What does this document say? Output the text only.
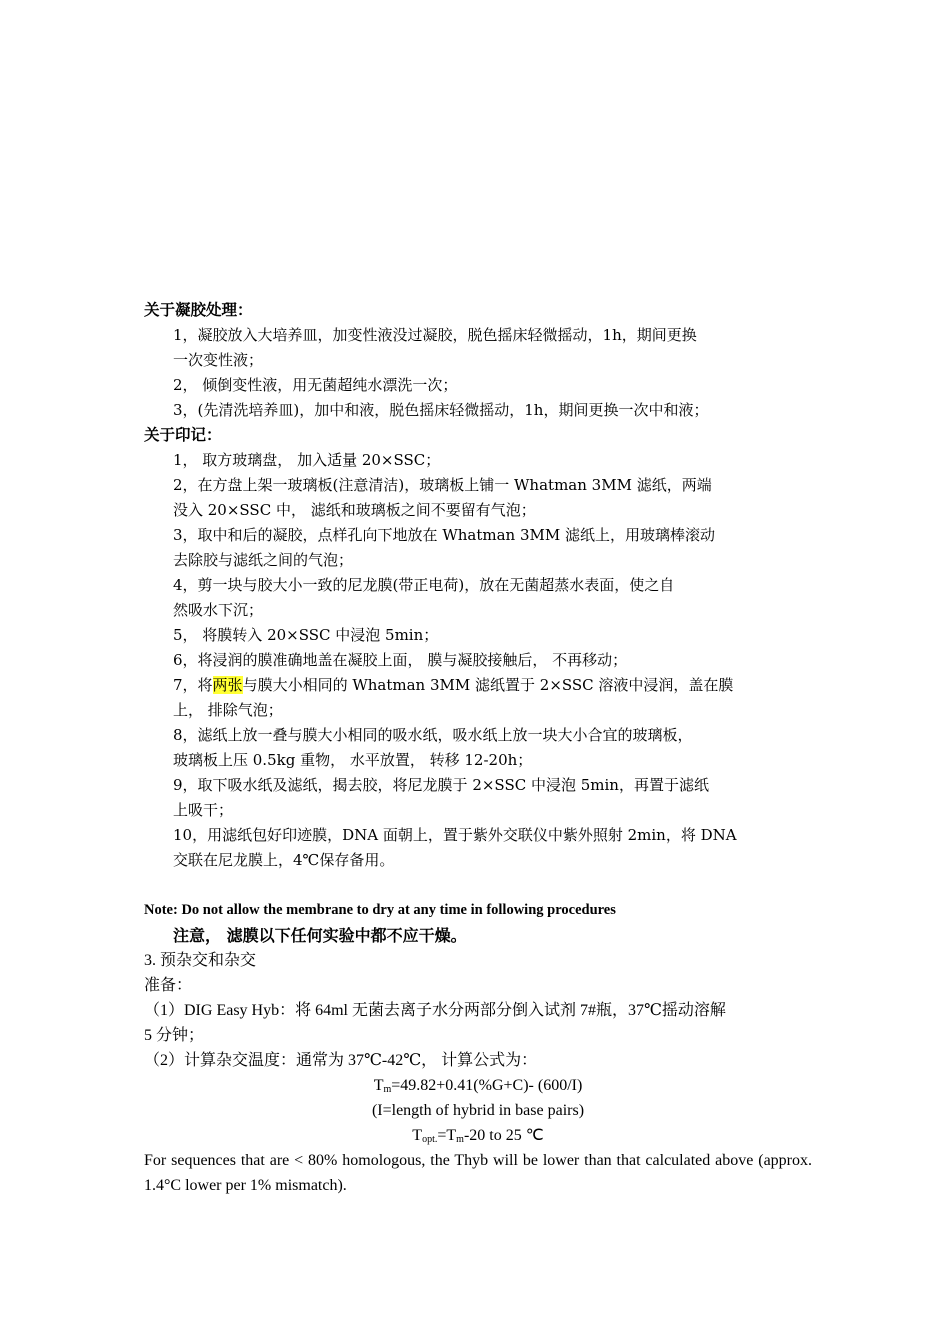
关于凝胶处理：
1，凝胶放入大培养皿，加变性液没过凝胶，脱色摇床轻微摇动，1h，期间更换
一次变性液；
2， 倾倒变性液，用无菌超纯水漂洗一次；
3，(先清洗培养皿)，加中和液，脱色摇床轻微摇动，1h，期间更换一次中和液；
关于印记：
1， 取方玻璃盘， 加入适量 20×SSC；
2，在方盘上架一玻璃板(注意清洁)，玻璃板上铺一 Whatman 3MM 滤纸，两端
没入 20×SSC 中， 滤纸和玻璃板之间不要留有气泡；
3，取中和后的凝胶，点样孔向下地放在 Whatman 3MM 滤纸上，用玻璃棒滚动
去除胶与滤纸之间的气泡；
4，剪一块与胶大小一致的尼龙膜(带正电荷)，放在无菌超蒸水表面，使之自
然吸水下沉；
5， 将膜转入 20×SSC 中浸泡 5min；
6，将浸润的膜准确地盖在凝胶上面， 膜与凝胶接触后， 不再移动；
7，将两张与膜大小相同的 Whatman 3MM 滤纸置于 2×SSC 溶液中浸润，盖在膜
上， 排除气泡；
8，滤纸上放一叠与膜大小相同的吸水纸，吸水纸上放一块大小合宜的玻璃板，
玻璃板上压 0.5kg 重物， 水平放置， 转移 12-20h；
9，取下吸水纸及滤纸，揭去胶，将尼龙膜于 2×SSC 中浸泡 5min，再置于滤纸
上吸干；
10，用滤纸包好印迹膜，DNA 面朝上，置于紫外交联仪中紫外照射 2min，将 DNA
交联在尼龙膜上，4℃保存备用。
Note: Do not allow the membrane to dry at any time in following procedures
注意， 滤膜以下任何实验中都不应干燥。
3. 预杂交和杂交
准备：
（1）DIG Easy Hyb：将 64ml 无菌去离子水分两部分倒入试剂 7#瓶，37℃摇动溶解
5 分钟；
（2）计算杂交温度：通常为 37℃-42℃， 计算公式为：
$T_m=49.82+0.41(\%G+C)-$ (600/I)
(I=length of hybrid in base pairs)
$T_{opt.}=T_m-20$ to 25 ℃
For sequences that are < 80% homologous, the Thyb will be lower than that calculated above (approx. 1.4°C lower per 1% mismatch).
